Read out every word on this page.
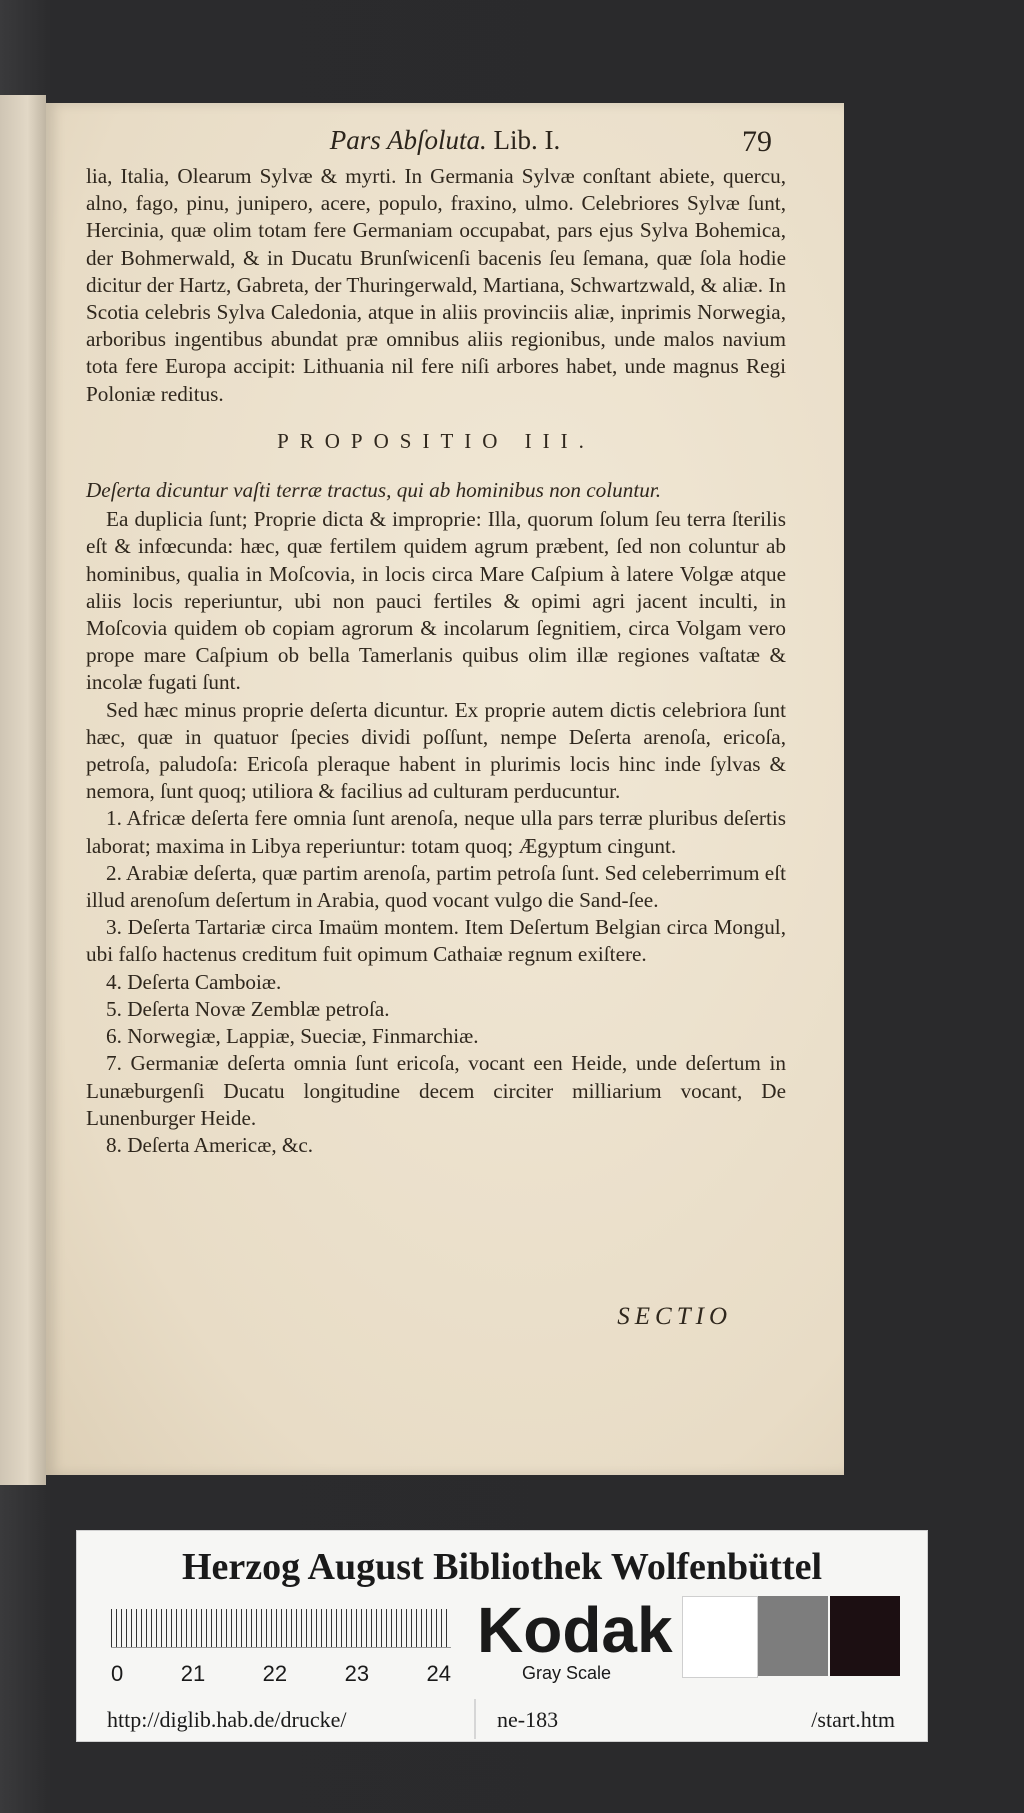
Pars Abſoluta. Lib. I.	79

lia, Italia, Olearum Sylvæ & myrti. In Germania Sylvæ conſtant abiete, quercu, alno, fago, pinu, junipero, acere, populo, fraxino, ulmo. Celebriores Sylvæ ſunt, Hercinia, quæ olim totam fere Germaniam occupabat, pars ejus Sylva Bohemica, der Bohmerwald, & in Ducatu Brunſwicenſi bacenis ſeu ſemana, quæ ſola hodie dicitur der Hartz, Gabreta, der Thuringerwald, Martiana, Schwartzwald, & aliæ. In Scotia celebris Sylva Caledonia, atque in aliis provinciis aliæ, inprimis Norwegia, arboribus ingentibus abundat præ omnibus aliis regionibus, unde malos navium tota fere Europa accipit: Lithuania nil fere niſi arbores habet, unde magnus Regi Poloniæ reditus.

PROPOSITIO III.

Deſerta dicuntur vaſti terræ tractus, qui ab hominibus non coluntur.

Ea duplicia ſunt; Proprie dicta & improprie: Illa, quorum ſolum ſeu terra ſterilis eſt & infœcunda: hæc, quæ fertilem quidem agrum præbent, ſed non coluntur ab hominibus, qualia in Moſcovia, in locis circa Mare Caſpium à latere Volgæ atque aliis locis reperiuntur, ubi non pauci fertiles & opimi agri jacent inculti, in Moſcovia quidem ob copiam agrorum & incolarum ſegnitiem, circa Volgam vero prope mare Caſpium ob bella Tamerlanis quibus olim illæ regiones vaſtatæ & incolæ fugati ſunt.

Sed hæc minus proprie deſerta dicuntur. Ex proprie autem dictis celebriora ſunt hæc, quæ in quatuor ſpecies dividi poſſunt, nempe Deſerta arenoſa, ericoſa, petroſa, paludoſa: Ericoſa pleraque habent in plurimis locis hinc inde ſylvas & nemora, ſunt quoq; utiliora & facilius ad culturam perducuntur.

1. Africæ deſerta fere omnia ſunt arenoſa, neque ulla pars terræ pluribus deſertis laborat; maxima in Libya reperiuntur: totam quoq; Ægyptum cingunt.

2. Arabiæ deſerta, quæ partim arenoſa, partim petroſa ſunt. Sed celeberrimum eſt illud arenoſum deſertum in Arabia, quod vocant vulgo die Sand-ſee.

3. Deſerta Tartariæ circa Imaüm montem. Item Deſertum Belgian circa Mongul, ubi falſo hactenus creditum fuit opimum Cathaiæ regnum exiſtere.

4. Deſerta Camboiæ.

5. Deſerta Novæ Zemblæ petroſa.

6. Norwegiæ, Lappiæ, Sueciæ, Finmarchiæ.

7. Germaniæ deſerta omnia ſunt ericoſa, vocant een Heide, unde deſertum in Lunæburgenſi Ducatu longitudine decem circiter milliarium vocant, De Lunenburger Heide.

8. Deſerta Americæ, &c.

SECTIO
Herzog August Bibliothek Wolfenbüttel
0	21	22	23	24
Kodak
Gray Scale
http://diglib.hab.de/drucke/	ne-183	/start.htm
